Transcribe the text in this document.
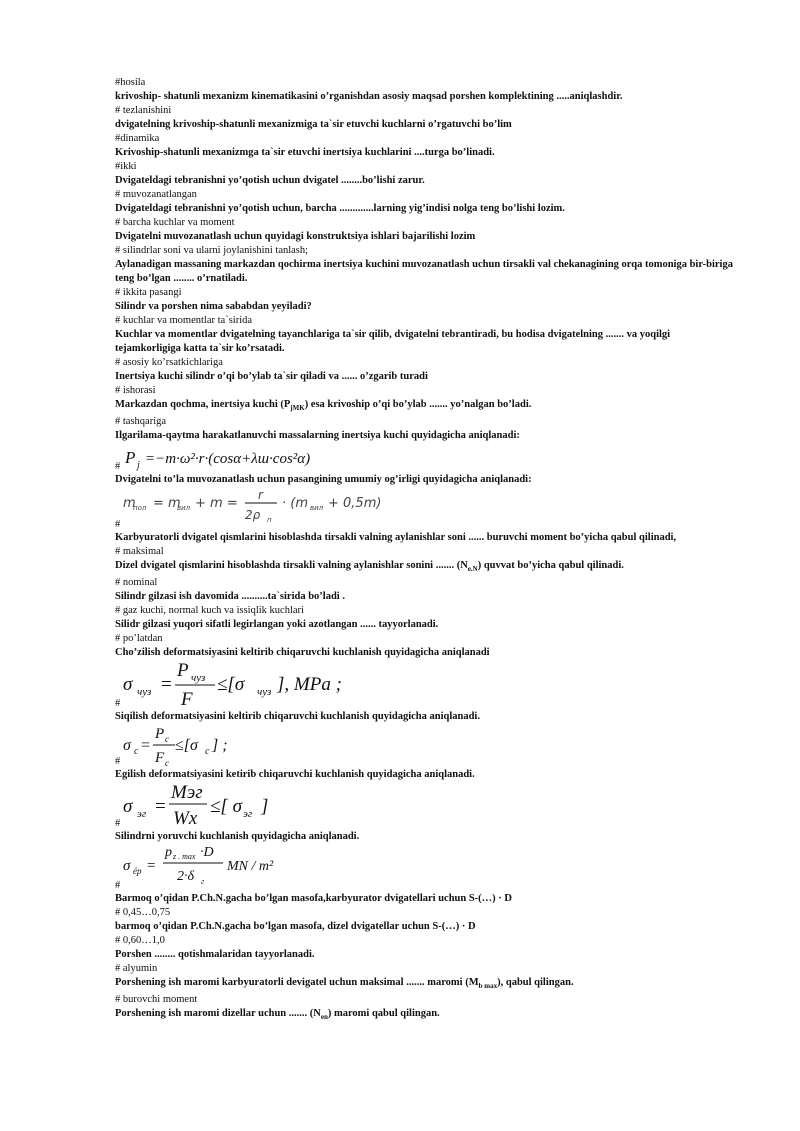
#hosila
krivoship- shatunli mexanizm kinematikasini o’rganishdan asosiy maqsad porshen komplektining .....aniqlashdir.
# tezlanishini
dvigatelning krivoship-shatunli mexanizmiga ta`sir etuvchi kuchlarni o’rgatuvchi bo’lim
#dinamika
Krivoship-shatunli mexanizmga ta`sir etuvchi inertsiya kuchlarini ....turga bo’linadi.
#ikki
Dvigateldagi tebranishni yo’qotish uchun dvigatel ........bo’lishi zarur.
# muvozanatlangan
Dvigateldagi tebranishni yo’qotish uchun, barcha .............larning yig’indisi nolga teng bo’lishi lozim.
# barcha kuchlar va moment
Dvigatelni muvozanatlash uchun quyidagi konstruktsiya ishlari bajarilishi lozim
# silindrlar soni va ularni joylanishini tanlash;
Aylanadigan massaning markazdan qochirma inertsiya kuchini muvozanatlash uchun tirsakli val chekanagining orqa tomoniga bir-biriga teng bo’lgan ........ o’rnatiladi.
# ikkita pasangi
Silindr va porshen nima sababdan yeyiladi?
# kuchlar va momentlar ta`sirida
Kuchlar va momentlar dvigatelning tayanchlariga ta`sir qilib, dvigatelni tebrantiradi, bu hodisa dvigatelning ....... va yoqilgi tejamkorligiga katta ta`sir ko’rsatadi.
# asosiy ko’rsatkichlariga
Inertsiya kuchi silindr o’qi bo’ylab ta`sir qiladi va ...... o’zgarib turadi
# ishorasi
Markazdan qochma, inertsiya kuchi $(P_{jMK})$ esa krivoship o’qi bo’ylab ....... yo’nalgan bo’ladi.
# tashqariga
Ilgarilama-qaytma harakatlanuvchi massalarning inertsiya kuchi quyidagicha aniqlanadi:
P j =−m·ω²·r·(cosα+λш·cos²α)
#
Dvigatelni to’la muvozanatlash uchun pasangining umumiy og’irligi quyidagicha aniqlanadi:
m
пол = m
вил + m =
r
2ρ п
· (m вил + 0,5m)
#
Karbyuratorli dvigatel qismlarini hisoblashda tirsakli valning aylanishlar soni ...... buruvchi moment bo’yicha qabul qilinadi,
# maksimal
Dizel dvigatel qismlarini hisoblashda tirsakli valning aylanishlar sonini ....... $(N_{e.N})$ quvvat bo’yicha qabul qilinadi.
# nominal
Silindr gilzasi ish davomida ..........ta`sirida bo’ladi .
# gaz kuchi, normal kuch va issiqlik kuchlari
Silidr gilzasi yuqori sifatli legirlangan yoki azotlangan ...... tayyorlanadi.
# po’latdan
Cho’zilish deformatsiyasini keltirib chiqaruvchi kuchlanish quyidagicha aniqlanadi
σ чуз =
P чуз
F
≤[σ чуз ], MPa ;
#
Siqilish deformatsiyasini keltirib chiqaruvchi kuchlanish quyidagicha aniqlanadi.
σ c =
P c
F c
≤[σ c ] ;
#
Egilish deformatsiyasini ketirib chiqaruvchi kuchlanish quyidagicha aniqlanadi.
σ эг =
Mэг
Wx
≤[ σ эг ]
#
Silindrni yoruvchi kuchlanish quyidagicha aniqlanadi.
σ ёр =
p z . max ·D
2·δ г
MN / m²
#
Barmoq o’qidan P.Ch.N.gacha bo’lgan masofa,karbyurator dvigatellari uchun S-(…) · D
# 0,45…0,75
barmoq o’qidan P.Ch.N.gacha bo’lgan masofa, dizel dvigatellar uchun S-(…) · D
# 0,60…1,0
Porshen ........ qotishmalaridan tayyorlanadi.
# alyumin
Porshening ish maromi karbyuratorli devigatel uchun maksimal ....... maromi $(M_{b max})$, qabul qilingan.
# burovchi moment
Porshening ish maromi dizellar uchun ....... $(N_{en})$ maromi qabul qilingan.
